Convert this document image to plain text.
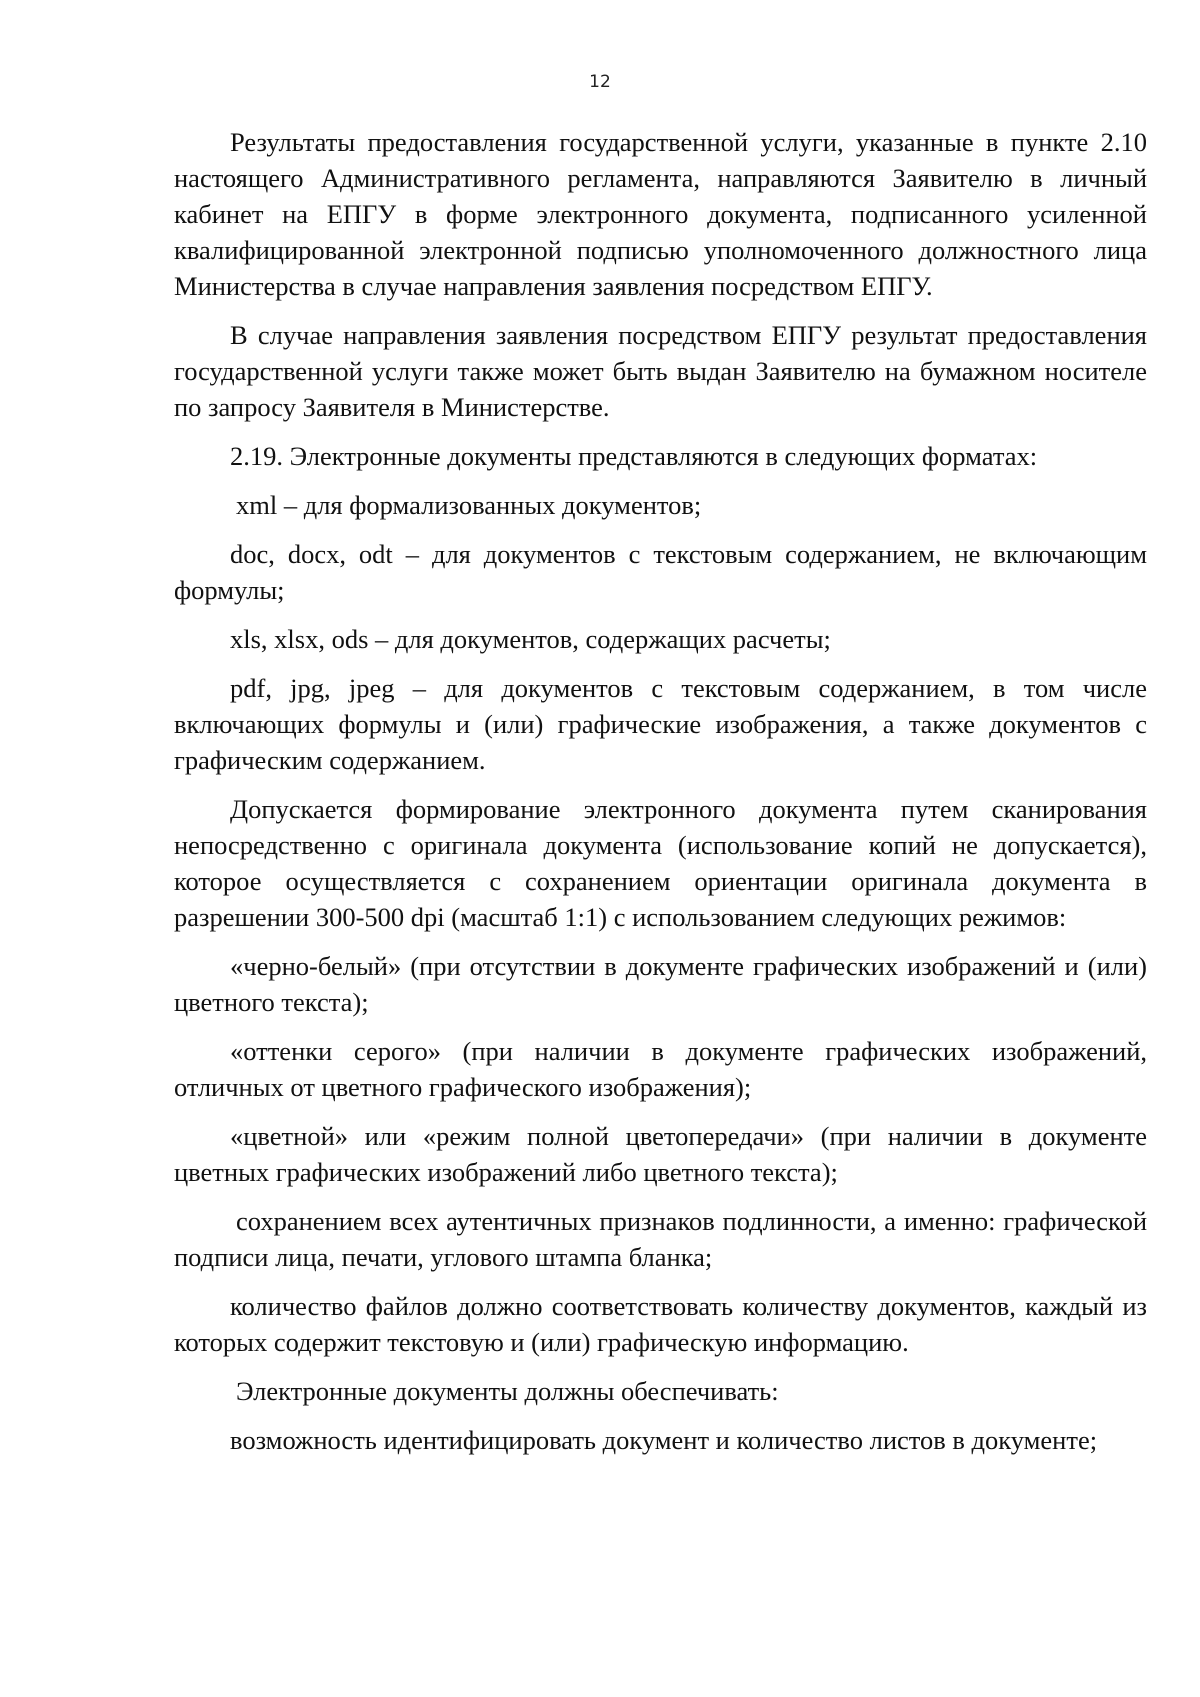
12

Результаты предоставления государственной услуги, указанные в пункте 2.10 настоящего Административного регламента, направляются Заявителю в личный кабинет на ЕПГУ в форме электронного документа, подписанного усиленной квалифицированной электронной подписью уполномоченного должностного лица Министерства в случае направления заявления посредством ЕПГУ.

В случае направления заявления посредством ЕПГУ результат предоставления государственной услуги также может быть выдан Заявителю на бумажном носителе по запросу Заявителя в Министерстве.

2.19. Электронные документы представляются в следующих форматах:

xml – для формализованных документов;

doc, docx, odt – для документов с текстовым содержанием, не включающим формулы;

xls, xlsx, ods – для документов, содержащих расчеты;

pdf, jpg, jpeg – для документов с текстовым содержанием, в том числе включающих формулы и (или) графические изображения, а также документов с графическим содержанием.

Допускается формирование электронного документа путем сканирования непосредственно с оригинала документа (использование копий не допускается), которое осуществляется с сохранением ориентации оригинала документа в разрешении 300-500 dpi (масштаб 1:1) с использованием следующих режимов:

«черно-белый» (при отсутствии в документе графических изображений и (или) цветного текста);

«оттенки серого» (при наличии в документе графических изображений, отличных от цветного графического изображения);

«цветной» или «режим полной цветопередачи» (при наличии в документе цветных графических изображений либо цветного текста);

сохранением всех аутентичных признаков подлинности, а именно: графической подписи лица, печати, углового штампа бланка;

количество файлов должно соответствовать количеству документов, каждый из которых содержит текстовую и (или) графическую информацию.

Электронные документы должны обеспечивать:

возможность идентифицировать документ и количество листов в документе;
